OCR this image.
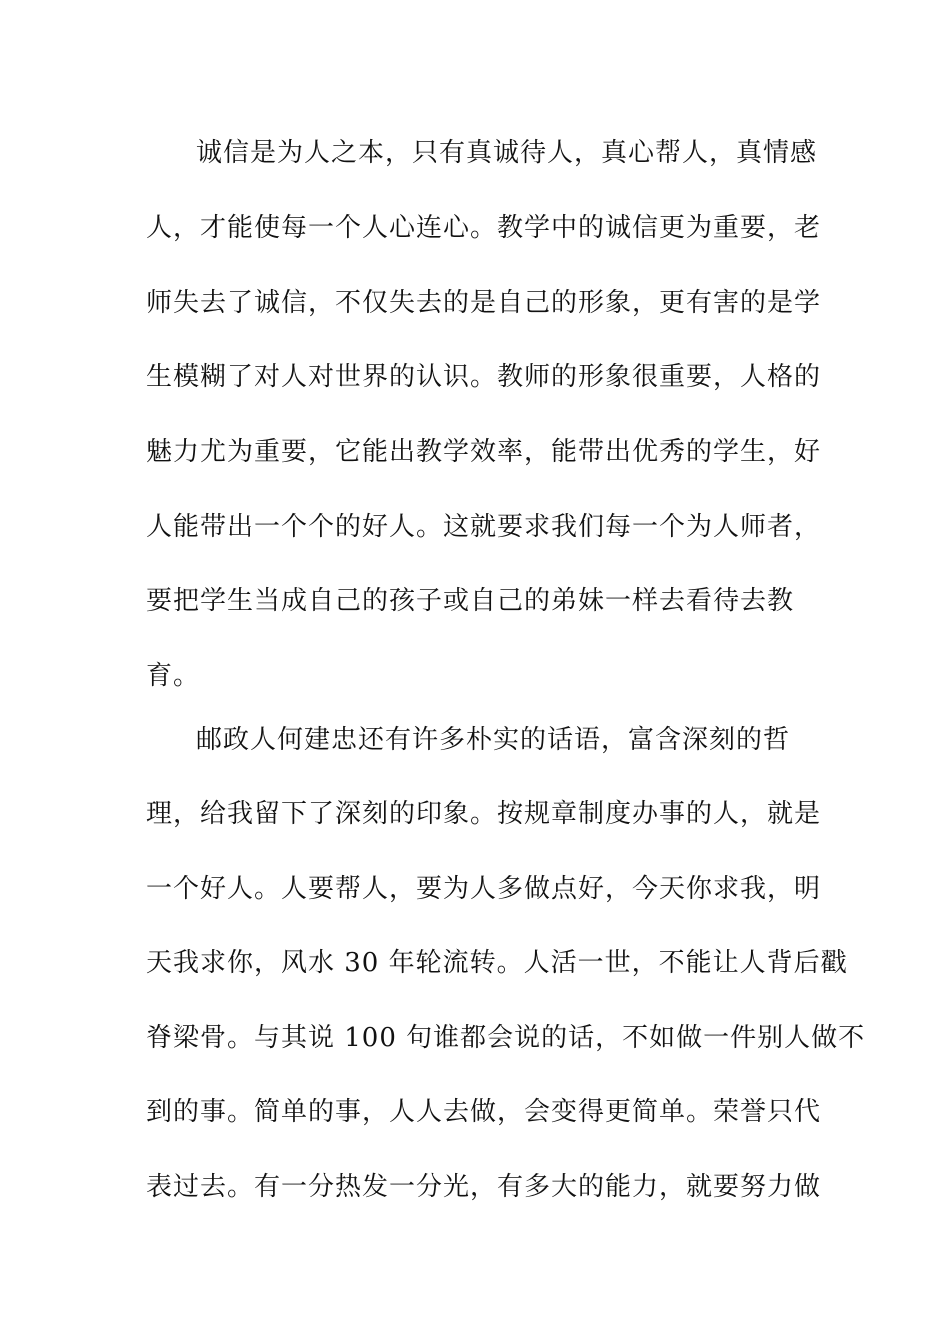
诚信是为人之本，只有真诚待人，真心帮人，真情感
人，才能使每一个人心连心。教学中的诚信更为重要，老
师失去了诚信，不仅失去的是自己的形象，更有害的是学
生模糊了对人对世界的认识。教师的形象很重要，人格的
魅力尤为重要，它能出教学效率，能带出优秀的学生，好
人能带出一个个的好人。这就要求我们每一个为人师者，
要把学生当成自己的孩子或自己的弟妹一样去看待去教
育。
邮政人何建忠还有许多朴实的话语，富含深刻的哲
理，给我留下了深刻的印象。按规章制度办事的人，就是
一个好人。人要帮人，要为人多做点好，今天你求我，明
天我求你，风水 30 年轮流转。人活一世，不能让人背后戳
脊梁骨。与其说 100 句谁都会说的话，不如做一件别人做不
到的事。简单的事，人人去做，会变得更简单。荣誉只代
表过去。有一分热发一分光，有多大的能力，就要努力做
